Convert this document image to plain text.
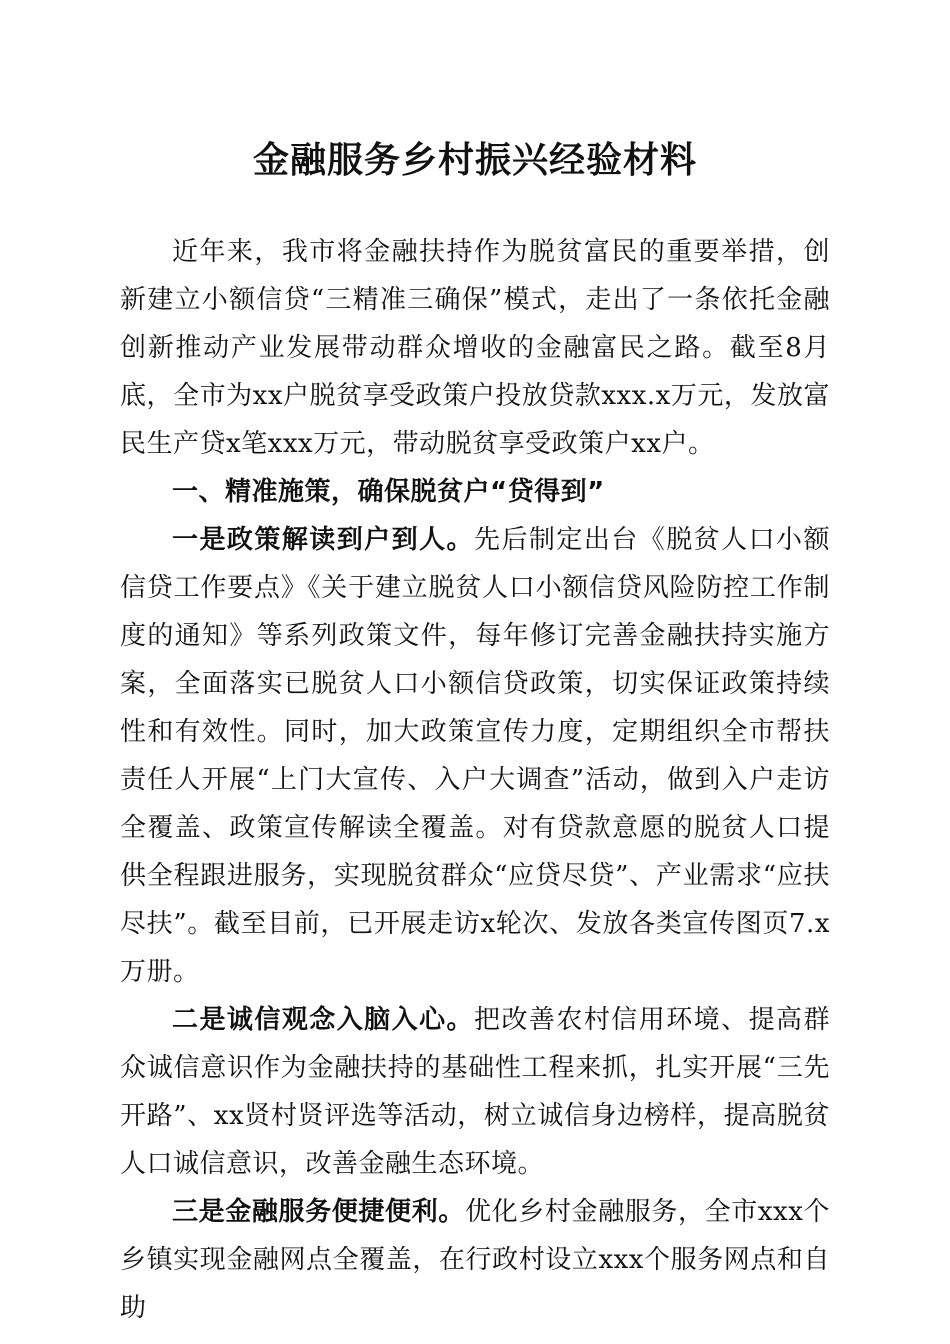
金融服务乡村振兴经验材料

近年来，我市将金融扶持作为脱贫富民的重要举措，创新建立小额信贷“三精准三确保”模式，走出了一条依托金融创新推动产业发展带动群众增收的金融富民之路。截至8月底，全市为xx户脱贫享受政策户投放贷款xxx.x万元，发放富民生产贷x笔xxx万元，带动脱贫享受政策户xx户。

一、精准施策，确保脱贫户“贷得到”

一是政策解读到户到人。先后制定出台《脱贫人口小额信贷工作要点》《关于建立脱贫人口小额信贷风险防控工作制度的通知》等系列政策文件，每年修订完善金融扶持实施方案，全面落实已脱贫人口小额信贷政策，切实保证政策持续性和有效性。同时，加大政策宣传力度，定期组织全市帮扶责任人开展“上门大宣传、入户大调查”活动，做到入户走访全覆盖、政策宣传解读全覆盖。对有贷款意愿的脱贫人口提供全程跟进服务，实现脱贫群众“应贷尽贷”、产业需求“应扶尽扶”。截至目前，已开展走访x轮次、发放各类宣传图页7.x万册。

二是诚信观念入脑入心。把改善农村信用环境、提高群众诚信意识作为金融扶持的基础性工程来抓，扎实开展“三先开路”、xx贤村贤评选等活动，树立诚信身边榜样，提高脱贫人口诚信意识，改善金融生态环境。

三是金融服务便捷便利。优化乡村金融服务，全市xxx个乡镇实现金融网点全覆盖，在行政村设立xxx个服务网点和自助
